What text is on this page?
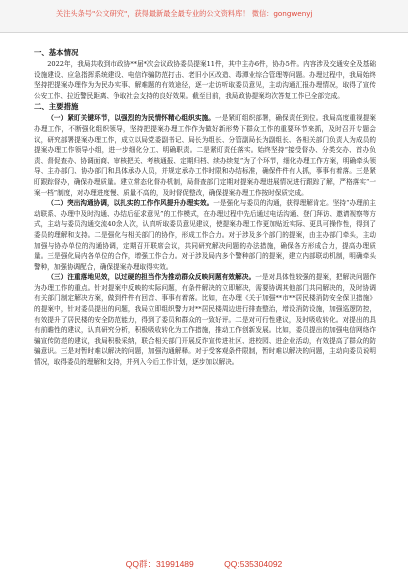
关注头条号"公文研究"，获得最新最全最专业的公文资料库！ 微信：gongwenyj
一、基本情况

2022年，我局共收到市政协**届*次会议政协委员提案11件，其中主办6件，协办5件。内容涉及交通安全及基础设施建设、应急指挥系统建设、电信诈骗防范打击、老旧小区改造、毒潭业综合管理等问题。办理过程中，我局始终坚持把提案办理作为为民办实事、解难题的有效途径，逐一走访听取委员意见，主动沟通汇报办理情况，取得了宣传公安工作、拉近警民距离、争取社会支持的良好效果。截至目前，我局政协提案均次答复工作已全部完成。

二、主要措施

（一）紧盯关键环节，以强烈的为民情怀精心组织实施。一是紧盯组织部署，确保责任到位。我局高度重视提案办理工作，不断强化组织领导，坚持把提案办理工作作为做好新形势下群众工作的重要环节来抓，及时召开专题会议，研究部署提案办理工作，成立以局党委副书记、局长为组长、分管副局长为副组长、各相关部门负责人为成员的提案办理工作领导小组，进一步细化分工、明确职责。二是紧盯责任落实。始终坚持“接受督办、分类交办、首办负责、督促查办、协调面商、审核把关、考核通报、定期归档、续办续复”为了个环节，细化办理工作方案，明确牵头领导、主办部门、协办部门和具体承办人员，并规定承办工作时限和办结标准，确保件件有人抓，事事有着落。三是紧盯跟踪督办，确保办理质量。建立常态化督办机制，局督查部门定期对提案办理进展情况进行跟踪了解，严格落实“一案一档”制度，对办理进度慢、质量不高的，及时督促整改，确保提案办理工作按时保质完成。

（二）突出沟通协调，以扎实的工作作风提升办理实效。一是强化与委员的沟通，获得理解肯定。坚持“办理前主动联系、办理中及时沟通、办结后征求意见”的工作模式，在办理过程中先后通过电话沟通、登门拜访、邀请视察等方式，主动与委员沟通交流40余人次，认真听取委员意见建议，使提案办理工作更加贴近实际、更具可操作性，得到了委员的理解和支持。二是强化与相关部门的协作，形成工作合力。对于涉及多个部门的提案，由主办部门牵头，主动加强与协办单位的沟通协调，定期召开联席会议，共同研究解决问题的办法措施，确保各方形成合力，提高办理质量。三是强化局内各单位的合作，增强工作合力。对于涉及局内多个警种部门的提案，建立内部联动机制，明确牵头警种，加强协调配合，确保提案办理取得实效。

（三）注重落地见效，以过硬的担当作为推动群众反映问题有效解决。一是对具体性较强的提案，把解决问题作为办理工作的重点。针对提案中反映的实际问题，有条件解决的立即解决，需要协调其他部门共同解决的，及时协调有关部门制定解决方案，做到件件有回音、事事有着落。比如，在办理《关于加强**市**居民楼消防安全保卫措施》的提案中，针对委员提出的问题，我局立即组织警力对**居民楼周边进行排查整治，增设消防设施，加强巡逻防控，有效提升了居民楼的安全防范能力，得到了委员和群众的一致好评。二是对可行性建议，及时吸收转化。对提出的具有前瞻性的建议，认真研究分析，积极吸收转化为工作措施，推动工作创新发展。比如，委员提出的加强电信网络诈骗宣传防范的建议，我局积极采纳，联合相关部门开展反诈宣传进社区、进校园、进企业活动，有效提高了群众的防骗意识。三是对暂时难以解决的问题，加强沟通解释。对于受客观条件限制，暂时难以解决的问题，主动向委员说明情况，取得委员的理解和支持，并列入今后工作计划，逐步加以解决。

QQ群：31991489	QQ:535304092
